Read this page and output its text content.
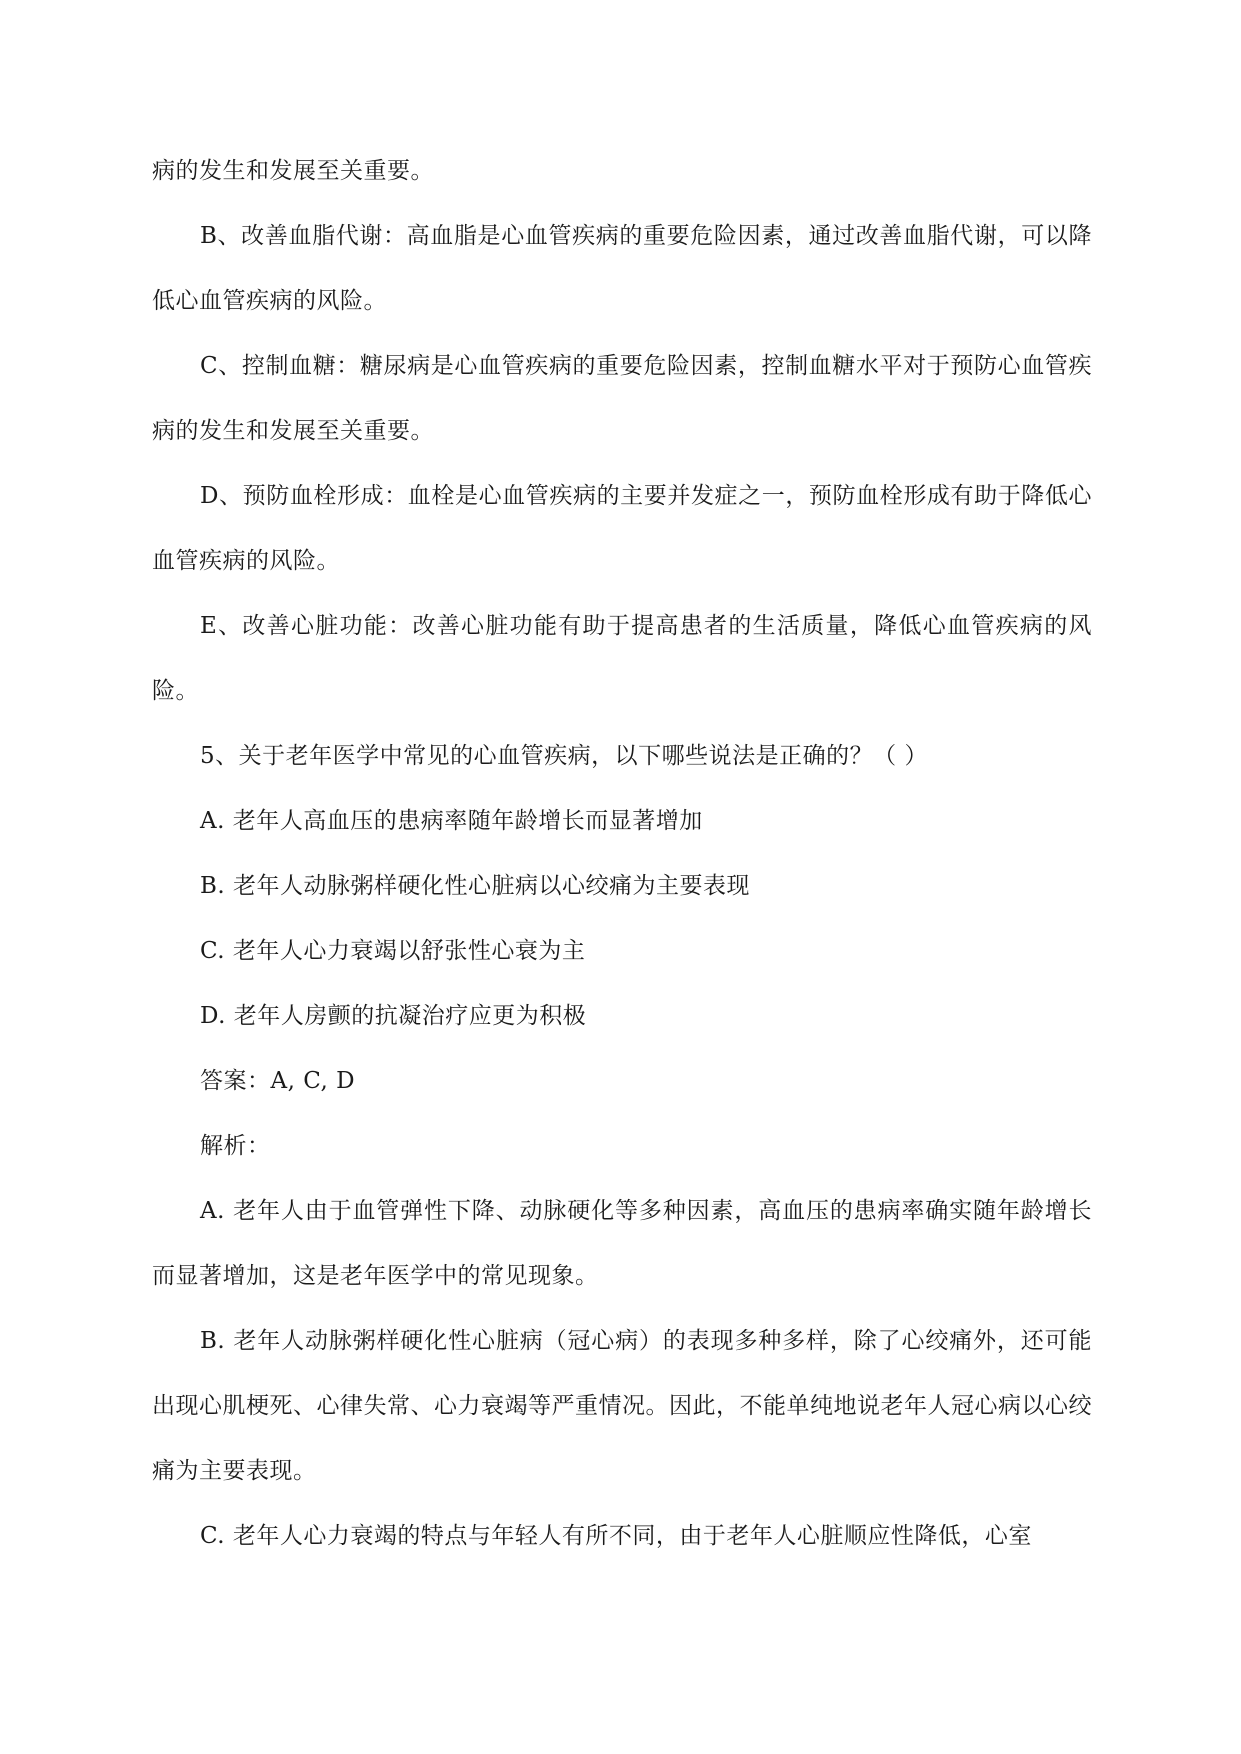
病的发生和发展至关重要。

B、改善血脂代谢：高血脂是心血管疾病的重要危险因素，通过改善血脂代谢，可以降低心血管疾病的风险。

C、控制血糖：糖尿病是心血管疾病的重要危险因素，控制血糖水平对于预防心血管疾病的发生和发展至关重要。

D、预防血栓形成：血栓是心血管疾病的主要并发症之一，预防血栓形成有助于降低心血管疾病的风险。

E、改善心脏功能：改善心脏功能有助于提高患者的生活质量，降低心血管疾病的风险。

5、关于老年医学中常见的心血管疾病，以下哪些说法是正确的？（ ）

A. 老年人高血压的患病率随年龄增长而显著增加

B. 老年人动脉粥样硬化性心脏病以心绞痛为主要表现

C. 老年人心力衰竭以舒张性心衰为主

D. 老年人房颤的抗凝治疗应更为积极

答案：A, C, D

解析：

A. 老年人由于血管弹性下降、动脉硬化等多种因素，高血压的患病率确实随年龄增长而显著增加，这是老年医学中的常见现象。

B. 老年人动脉粥样硬化性心脏病（冠心病）的表现多种多样，除了心绞痛外，还可能出现心肌梗死、心律失常、心力衰竭等严重情况。因此，不能单纯地说老年人冠心病以心绞痛为主要表现。

C. 老年人心力衰竭的特点与年轻人有所不同，由于老年人心脏顺应性降低，心室
